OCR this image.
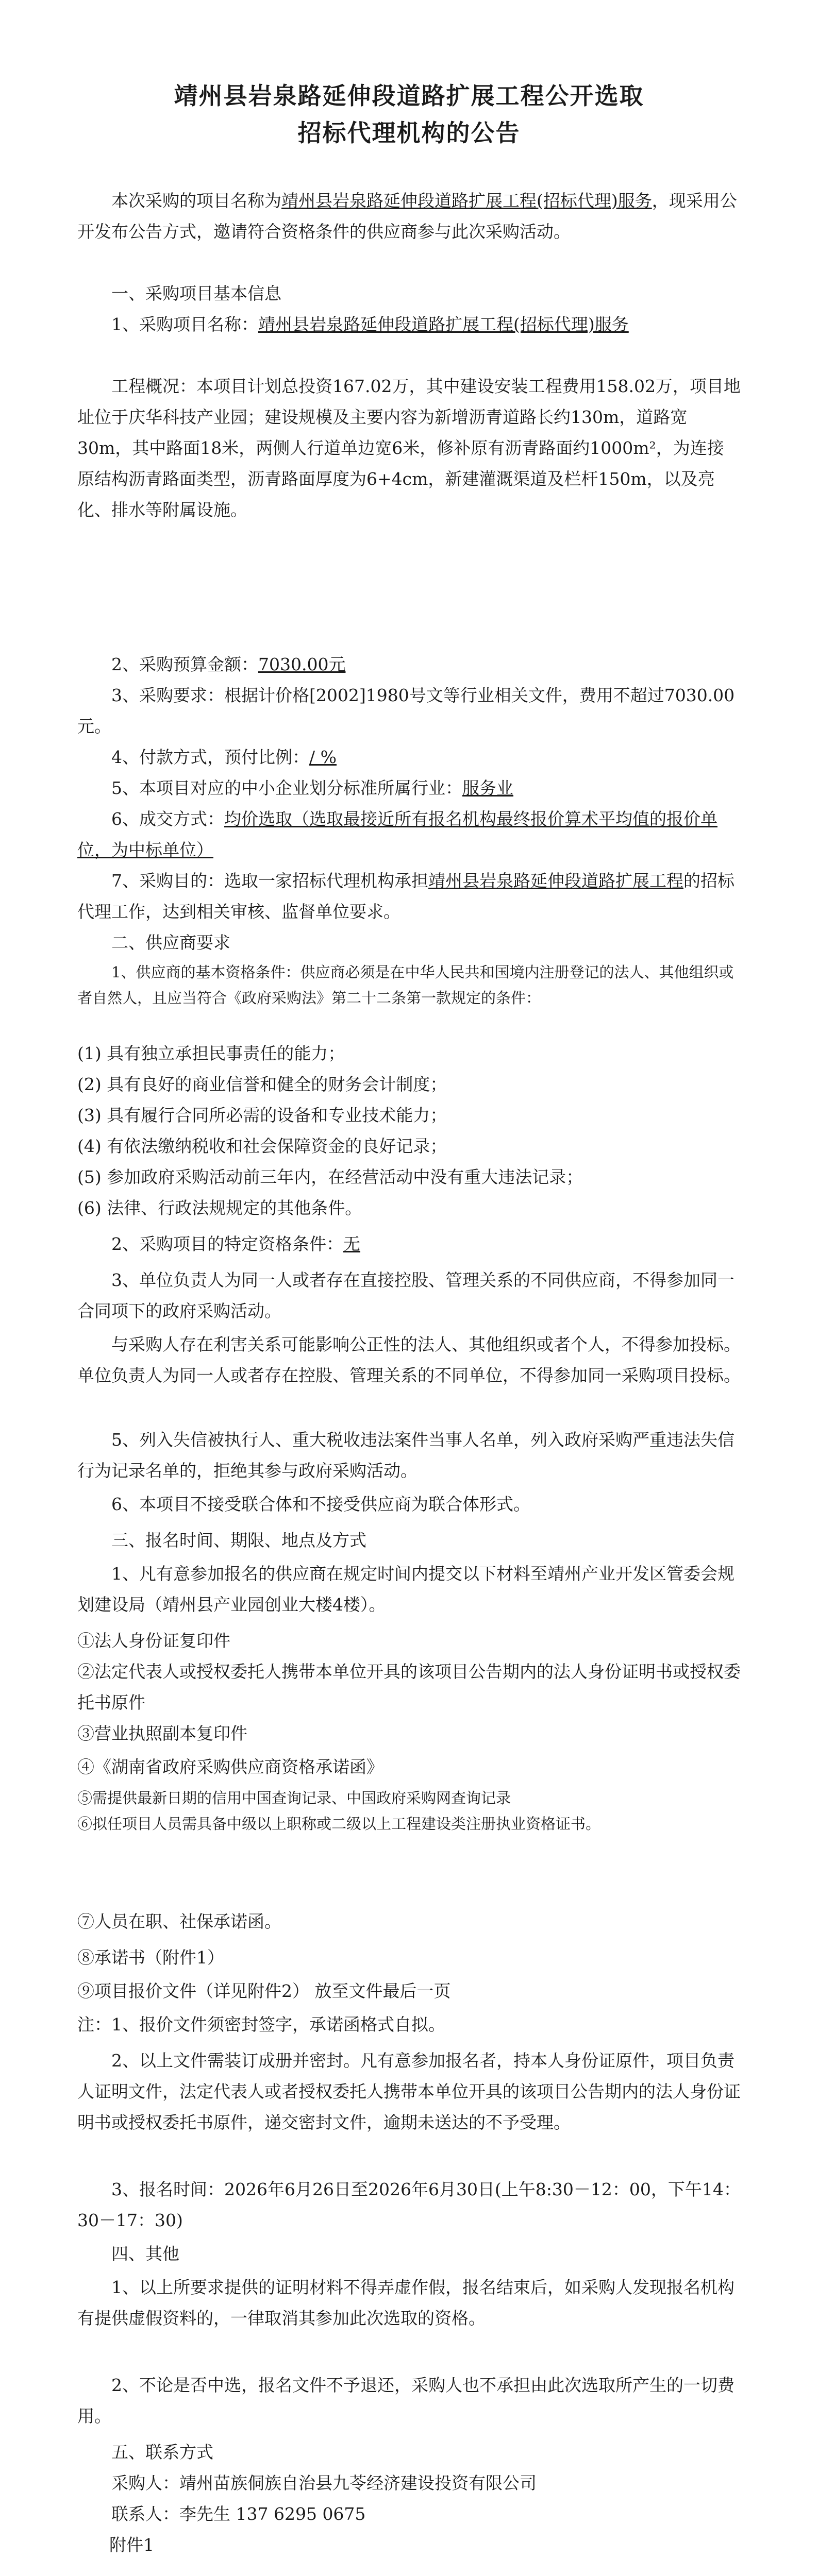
靖州县岩泉路延伸段道路扩展工程公开选取
招标代理机构的公告
本次采购的项目名称为靖州县岩泉路延伸段道路扩展工程(招标代理)服务，现采用公开发布公告方式，邀请符合资格条件的供应商参与此次采购活动。
一、采购项目基本信息
1、采购项目名称：靖州县岩泉路延伸段道路扩展工程(招标代理)服务
工程概况：本项目计划总投资167.02万，其中建设安装工程费用158.02万，项目地址位于庆华科技产业园；建设规模及主要内容为新增沥青道路长约130m，道路宽30m，其中路面18米，两侧人行道单边宽6米，修补原有沥青路面约1000m²，为连接原结构沥青路面类型，沥青路面厚度为6+4cm，新建灌溉渠道及栏杆150m，以及亮化、排水等附属设施。
2、采购预算金额：7030.00元
3、采购要求：根据计价格[2002]1980号文等行业相关文件，费用不超过7030.00元。
4、付款方式，预付比例：/ %
5、本项目对应的中小企业划分标准所属行业：服务业
6、成交方式：均价选取（选取最接近所有报名机构最终报价算术平均值的报价单位，为中标单位）
7、采购目的：选取一家招标代理机构承担靖州县岩泉路延伸段道路扩展工程的招标代理工作，达到相关审核、监督单位要求。
二、供应商要求
1、供应商的基本资格条件：供应商必须是在中华人民共和国境内注册登记的法人、其他组织或者自然人，且应当符合《政府采购法》第二十二条第一款规定的条件：
(1) 具有独立承担民事责任的能力；
(2) 具有良好的商业信誉和健全的财务会计制度；
(3) 具有履行合同所必需的设备和专业技术能力；
(4) 有依法缴纳税收和社会保障资金的良好记录；
(5) 参加政府采购活动前三年内，在经营活动中没有重大违法记录；
(6) 法律、行政法规规定的其他条件。
2、采购项目的特定资格条件：无
3、单位负责人为同一人或者存在直接控股、管理关系的不同供应商，不得参加同一合同项下的政府采购活动。
与采购人存在利害关系可能影响公正性的法人、其他组织或者个人，不得参加投标。单位负责人为同一人或者存在控股、管理关系的不同单位，不得参加同一采购项目投标。
5、列入失信被执行人、重大税收违法案件当事人名单，列入政府采购严重违法失信行为记录名单的，拒绝其参与政府采购活动。
6、本项目不接受联合体和不接受供应商为联合体形式。
三、报名时间、期限、地点及方式
1、凡有意参加报名的供应商在规定时间内提交以下材料至靖州产业开发区管委会规划建设局（靖州县产业园创业大楼4楼）。
①法人身份证复印件
②法定代表人或授权委托人携带本单位开具的该项目公告期内的法人身份证明书或授权委托书原件
③营业执照副本复印件
④《湖南省政府采购供应商资格承诺函》
⑤需提供最新日期的信用中国查询记录、中国政府采购网查询记录
⑥拟任项目人员需具备中级以上职称或二级以上工程建设类注册执业资格证书。
⑦人员在职、社保承诺函。
⑧承诺书（附件1）
⑨项目报价文件（详见附件2） 放至文件最后一页
注：1、报价文件须密封签字，承诺函格式自拟。
2、以上文件需装订成册并密封。凡有意参加报名者，持本人身份证原件，项目负责人证明文件，法定代表人或者授权委托人携带本单位开具的该项目公告期内的法人身份证明书或授权委托书原件，递交密封文件，逾期未送达的不予受理。
3、报名时间：2026年6月26日至2026年6月30日(上午8:30－12：00，下午14：30－17：30)
四、其他
1、以上所要求提供的证明材料不得弄虚作假，报名结束后，如采购人发现报名机构有提供虚假资料的，一律取消其参加此次选取的资格。
2、不论是否中选，报名文件不予退还，采购人也不承担由此次选取所产生的一切费用。
五、联系方式
采购人：靖州苗族侗族自治县九苓经济建设投资有限公司
联系人：李先生 137 6295 0675
附件1
